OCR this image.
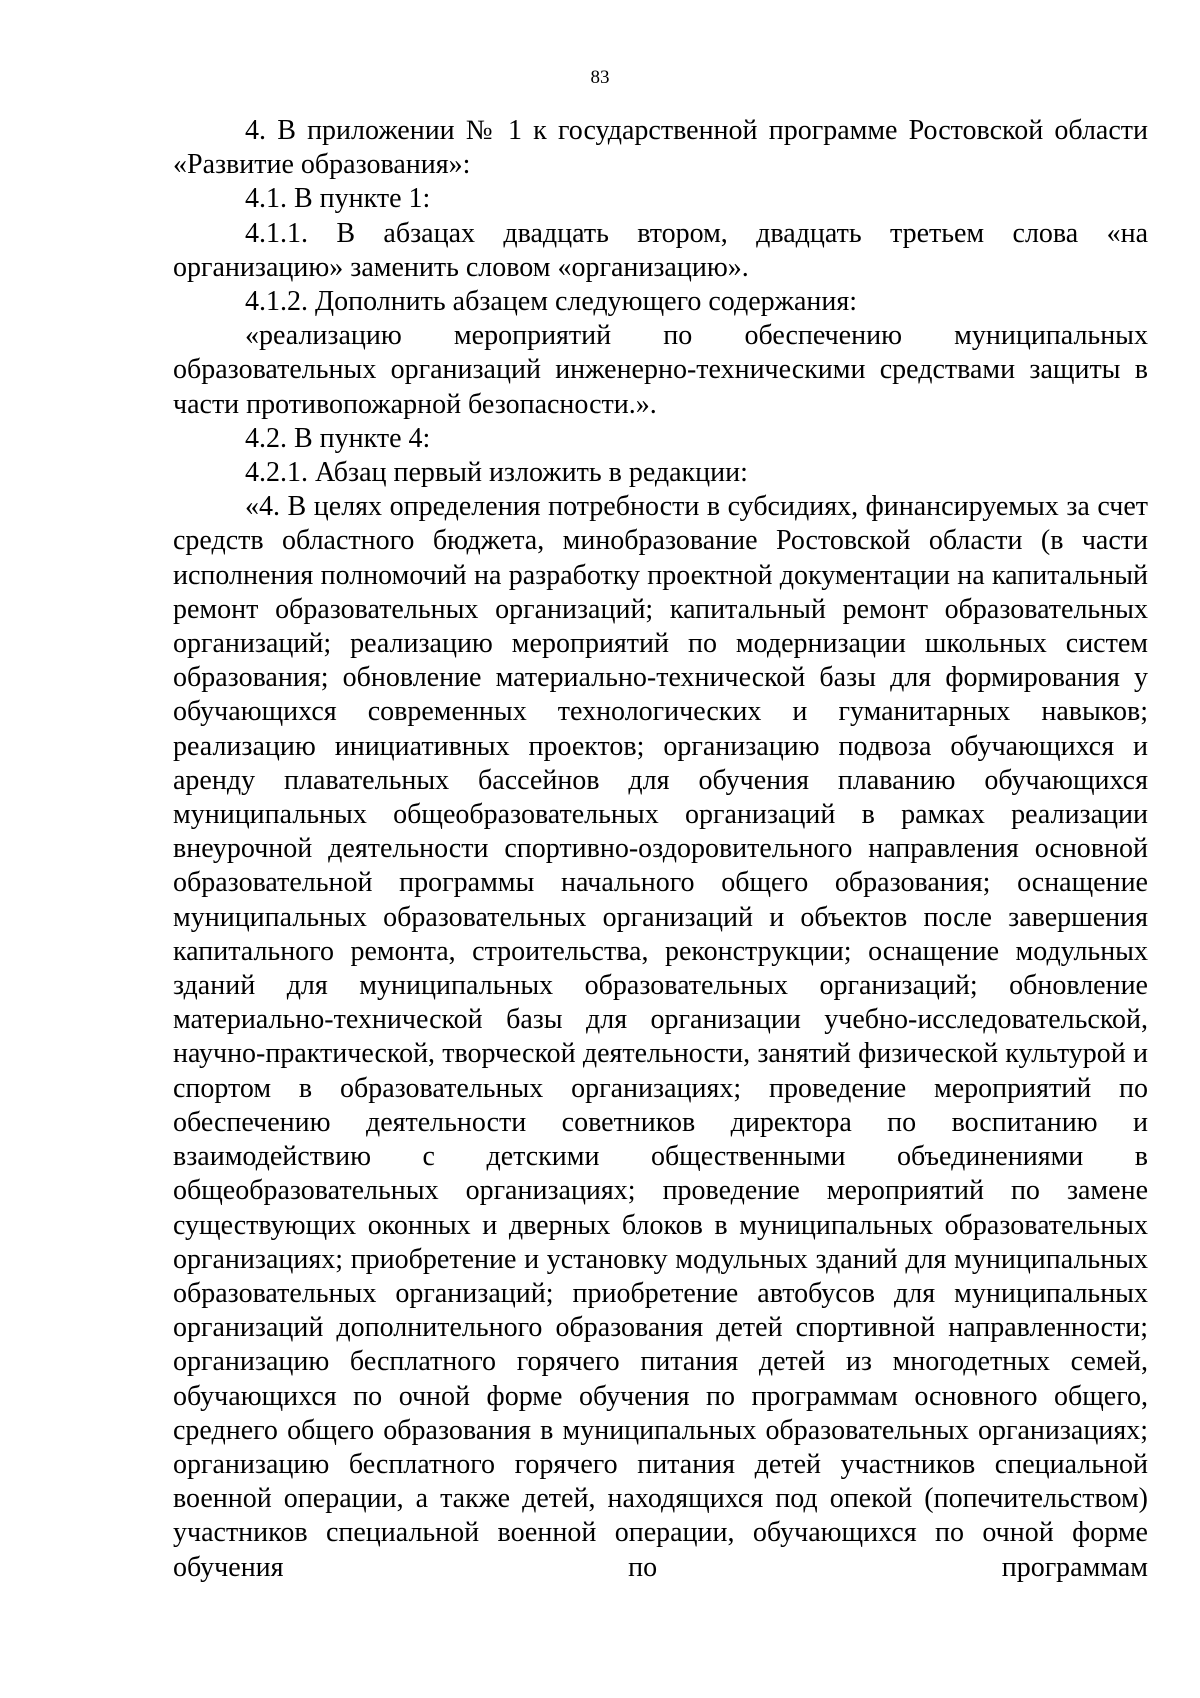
83

4. В приложении № 1 к государственной программе Ростовской области «Развитие образования»:

4.1. В пункте 1:

4.1.1. В абзацах двадцать втором, двадцать третьем слова «на организацию» заменить словом «организацию».

4.1.2. Дополнить абзацем следующего содержания:

«реализацию мероприятий по обеспечению муниципальных образовательных организаций инженерно-техническими средствами защиты в части противопожарной безопасности.».

4.2. В пункте 4:

4.2.1. Абзац первый изложить в редакции:

«4. В целях определения потребности в субсидиях, финансируемых за счет средств областного бюджета, минобразование Ростовской области (в части исполнения полномочий на разработку проектной документации на капитальный ремонт образовательных организаций; капитальный ремонт образовательных организаций; реализацию мероприятий по модернизации школьных систем образования; обновление материально-технической базы для формирования у обучающихся современных технологических и гуманитарных навыков; реализацию инициативных проектов; организацию подвоза обучающихся и аренду плавательных бассейнов для обучения плаванию обучающихся муниципальных общеобразовательных организаций в рамках реализации внеурочной деятельности спортивно-оздоровительного направления основной образовательной программы начального общего образования; оснащение муниципальных образовательных организаций и объектов после завершения капитального ремонта, строительства, реконструкции; оснащение модульных зданий для муниципальных образовательных организаций; обновление материально-технической базы для организации учебно-исследовательской, научно-практической, творческой деятельности, занятий физической культурой и спортом в образовательных организациях; проведение мероприятий по обеспечению деятельности советников директора по воспитанию и взаимодействию с детскими общественными объединениями в общеобразовательных организациях; проведение мероприятий по замене существующих оконных и дверных блоков в муниципальных образовательных организациях; приобретение и установку модульных зданий для муниципальных образовательных организаций; приобретение автобусов для муниципальных организаций дополнительного образования детей спортивной направленности; организацию бесплатного горячего питания детей из многодетных семей, обучающихся по очной форме обучения по программам основного общего, среднего общего образования в муниципальных образовательных организациях; организацию бесплатного горячего питания детей участников специальной военной операции, а также детей, находящихся под опекой (попечительством) участников специальной военной операции, обучающихся по очной форме обучения по программам
